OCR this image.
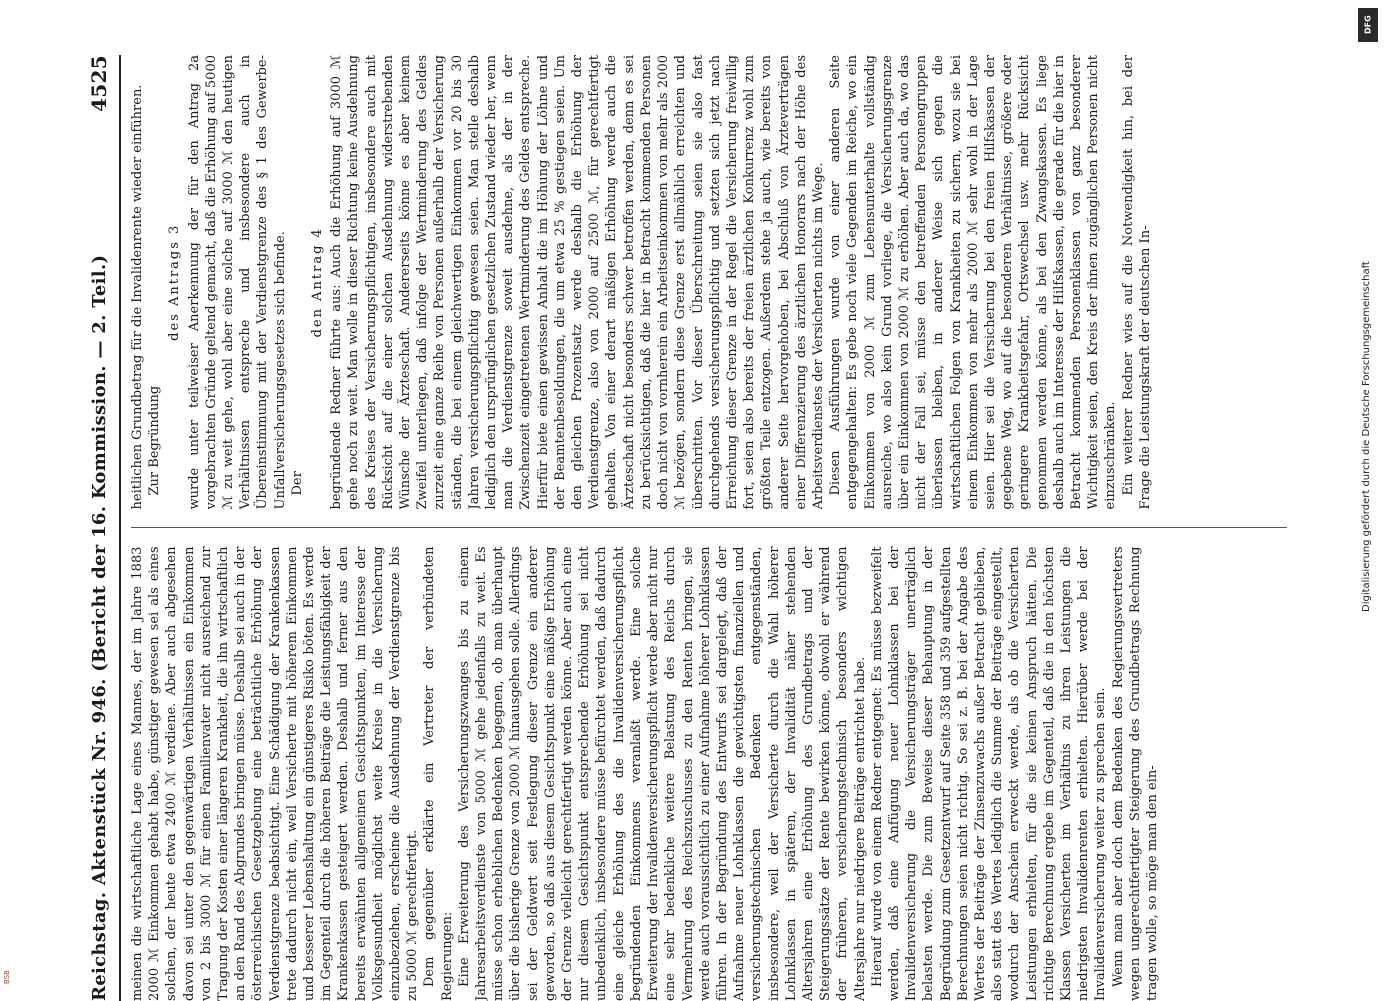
Reichstag. Aktenstück Nr. 946. (Bericht der 16. Kommission. — 2. Teil.)
4525

meinen die wirtschaftliche Lage eines Mannes, der im Jahre 1883 2000 ℳ Einkommen gehabt habe, günstiger gewesen sei als eines solchen, der heute etwa 2400 ℳ verdiene. Aber auch abgesehen davon sei unter den gegenwärtigen Verhältnissen ein Einkommen von 2 bis 3000 ℳ für einen Familienvater nicht ausreichend zur Tragung der Kosten einer längeren Krankheit, die ihn wirtschaftlich an den Rand des Abgrundes bringen müsse. Deshalb sei auch in der österreichischen Gesetzgebung eine beträchtliche Erhöhung der Verdienstgrenze beabsichtigt. Eine Schädigung der Krankenkassen trete dadurch nicht ein, weil Versicherte mit höherem Einkommen und besserer Lebenshaltung ein günstigeres Risiko böten. Es werde im Gegenteil durch die höheren Beiträge die Leistungsfähigkeit der Krankenkassen gesteigert werden. Deshalb und ferner aus den bereits erwähnten allgemeinen Gesichtspunkten, im Interesse der Volksgesundheit möglichst weite Kreise in die Versicherung einzubeziehen, erscheine die Ausdehnung der Verdienstgrenze bis zu 5000 ℳ gerechtfertigt. Dem gegenüber erklärte ein Vertreter der verbündeten Regierungen: Eine Erweiterung des Versicherungszwanges bis zu einem Jahresarbeitsverdienste von 5000 ℳ gehe jedenfalls zu weit. Es müsse schon erheblichen Bedenken begegnen, ob man überhaupt über die bisherige Grenze von 2000 ℳ hinausgehen solle. Allerdings sei der Geldwert seit Festlegung dieser Grenze ein anderer geworden, so daß aus diesem Gesichtspunkt eine mäßige Erhöhung der Grenze vielleicht gerechtfertigt werden könne. Aber auch eine nur diesem Gesichtspunkt entsprechende Erhöhung sei nicht unbedenklich, insbesondere müsse befürchtet werden, daß dadurch eine gleiche Erhöhung des die Invalidenversicherungspflicht begründenden Einkommens veranlaßt werde. Eine solche Erweiterung der Invalidenversicherungspflicht werde aber nicht nur eine sehr bedenkliche weitere Belastung des Reichs durch Vermehrung des Reichszuschusses zu den Renten bringen, sie werde auch voraussichtlich zu einer Aufnahme höherer Lohnklassen führen. In der Begründung des Entwurfs sei dargelegt, daß der Aufnahme neuer Lohnklassen die gewichtigsten finanziellen und versicherungstechnischen Bedenken entgegenständen, insbesondere, weil der Versicherte durch die Wahl höherer Lohnklassen in späteren, der Invalidität näher stehenden Altersjahren eine Erhöhung des Grundbetrags und der Steigerungssätze der Rente bewirken könne, obwohl er während der früheren, versicherungstechnisch besonders wichtigen Altersjahre nur niedrigere Beiträge entrichtet habe. Hierauf wurde von einem Redner entgegnet: Es müsse bezweifelt werden, daß eine Anfügung neuer Lohnklassen bei der Invalidenversicherung die Versicherungsträger unerträglich belasten werde. Die zum Beweise dieser Behauptung in der Begründung zum Gesetzentwurf auf Seite 358 und 359 aufgestellten Berechnungen seien nicht richtig. So sei z. B. bei der Angabe des Wertes der Beiträge der Zinsenzuwachs außer Betracht geblieben, also statt des Wertes lediglich die Summe der Beiträge eingestellt, wodurch der Anschein erweckt werde, als ob die Versicherten Leistungen erhielten, für die sie keinen Anspruch hätten. Die richtige Berechnung ergebe im Gegenteil, daß die in den höchsten Klassen Versicherten im Verhältnis zu ihren Leistungen die niedrigsten Invalidenrenten erhielten. Hierüber werde bei der Invalidenversicherung weiter zu sprechen sein. Wenn man aber doch dem Bedenken des Regierungsvertreters wegen ungerechtfertigter Steigerung des Grundbetrags Rechnung tragen wolle, so möge man den ein-

heitlichen Grundbetrag für die Invalidenrente wieder einführen. Zur Begründung

des Antrags 3 wurde unter teilweiser Anerkennung der für den Antrag 2a vorgebrachten Gründe geltend gemacht, daß die Erhöhung auf 5000 ℳ zu weit gehe, wohl aber eine solche auf 3000 ℳ den heutigen Verhältnissen entspreche und insbesondere auch in Übereinstimmung mit der Verdienstgrenze des § 1 des Gewerbe-Unfallversicherungsgesetzes sich befinde. Der

den Antrag 4 begründende Redner führte aus: Auch die Erhöhung auf 3000 ℳ gehe noch zu weit. Man wolle in dieser Richtung keine Ausdehnung des Kreises der Versicherungspflichtigen, insbesondere auch mit Rücksicht auf die einer solchen Ausdehnung widerstrebenden Wünsche der Ärzteschaft. Andererseits könne es aber keinem Zweifel unterliegen, daß infolge der Wertminderung des Geldes zurzeit eine ganze Reihe von Personen außerhalb der Versicherung ständen, die bei einem gleichwertigen Einkommen vor 20 bis 30 Jahren versicherungspflichtig gewesen seien. Man stelle deshalb lediglich den ursprünglichen gesetzlichen Zustand wieder her, wenn man die Verdienstgrenze soweit ausdehne, als der in der Zwischenzeit eingetretenen Wertminderung des Geldes entspreche. Hierfür biete einen gewissen Anhalt die im Höhung der Löhne und der Beamtenbesoldungen, die um etwa 25 % gestiegen seien. Um den gleichen Prozentsatz werde deshalb die Erhöhung der Verdienstgrenze, also von 2000 auf 2500 ℳ, für gerechtfertigt gehalten. Von einer derart mäßigen Erhöhung werde auch die Ärzteschaft nicht besonders schwer betroffen werden, denn es sei zu berücksichtigen, daß die hier in Betracht kommenden Personen doch nicht von vornherein ein Arbeitseinkommen von mehr als 2000 ℳ bezögen, sondern diese Grenze erst allmählich erreichten und überschritten. Vor dieser Überschreitung seien sie also fast durchgehends versicherungspflichtig und setzten sich jetzt nach Erreichung dieser Grenze in der Regel die Versicherung freiwillig fort, seien also bereits der freien ärztlichen Konkurrenz wohl zum größten Teile entzogen. Außerdem stehe ja auch, wie bereits von anderer Seite hervorgehoben, bei Abschluß von Ärzteverträgen einer Differenzierung des ärztlichen Honorars nach der Höhe des Arbeitsverdienstes der Versicherten nichts im Wege. Diesen Ausführungen wurde von einer anderen Seite entgegengehalten: Es gebe noch viele Gegenden im Reiche, wo ein Einkommen von 2000 ℳ zum Lebensunterhalte vollständig ausreiche, wo also kein Grund vorliege, die Versicherungsgrenze über ein Einkommen von 2000 ℳ zu erhöhen. Aber auch da, wo das nicht der Fall sei, müsse den betreffenden Personengruppen überlassen bleiben, in anderer Weise sich gegen die wirtschaftlichen Folgen von Krankheiten zu sichern, wozu sie bei einem Einkommen von mehr als 2000 ℳ sehr wohl in der Lage seien. Hier sei die Versicherung bei den freien Hilfskassen der gegebene Weg, wo auf die besonderen Verhältnisse, größere oder geringere Krankheitsgefahr, Ortswechsel usw. mehr Rücksicht genommen werden könne, als bei den Zwangskassen. Es liege deshalb auch im Interesse der Hilfskassen, die gerade für die hier in Betracht kommenden Personenklassen von ganz besonderer Wichtigkeit seien, den Kreis der ihnen zugänglichen Personen nicht einzuschränken. Ein weiterer Redner wies auf die Notwendigkeit hin, bei der Frage die Leistungskraft der deutschen In-

DFG
Digitalisierung gefördert durch die Deutsche Forschungsgemeinschaft
BSB
